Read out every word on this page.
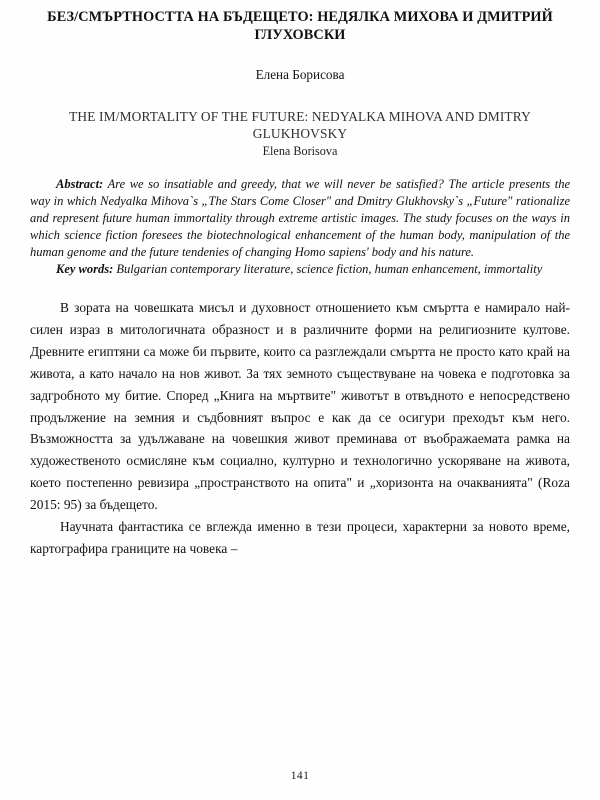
БЕЗ/СМЪРТНОСТТА НА БЪДЕЩЕТО: НЕДЯЛКА МИХОВА И ДМИТРИЙ ГЛУХОВСКИ
Елена Борисова
THE IM/MORTALITY OF THE FUTURE: NEDYALKA MIHOVA AND DMITRY GLUKHOVSKY
Elena Borisova

Abstract: Are we so insatiable and greedy, that we will never be satisfied? The article presents the way in which Nedyalka Mihova`s „The Stars Come Closer" and Dmitry Glukhovsky`s „Future" rationalize and represent future human immortality through extreme artistic images. The study focuses on the ways in which science fiction foresees the biotechnological enhancement of the human body, manipulation of the human genome and the future tendenies of changing Homo sapiens' body and his nature.

Key words: Bulgarian contemporary literature, science fiction, human enhancement, immortality

В зората на човешката мисъл и духовност отношението към смъртта е намирало най-силен израз в митологичната образност и в различните форми на религиозните култове. Древните египтяни са може би първите, които са разглеждали смъртта не просто като край на живота, а като начало на нов живот. За тях земното съществуване на човека е подготовка за задгробното му битие. Според „Книга на мъртвите" животът в отвъдното е непосредствено продължение на земния и съдбовният въпрос е как да се осигури преходът към него. Възможността за удължаване на човешкия живот преминава от въображаемата рамка на художественото осмисляне към социално, културно и технологично ускоряване на живота, което постепенно ревизира „пространството на опита" и „хоризонта на очакванията" (Roza 2015: 95) за бъдещето.

Научната фантастика се вглежда именно в тези процеси, характерни за новото време, картографира границите на човека –

141
